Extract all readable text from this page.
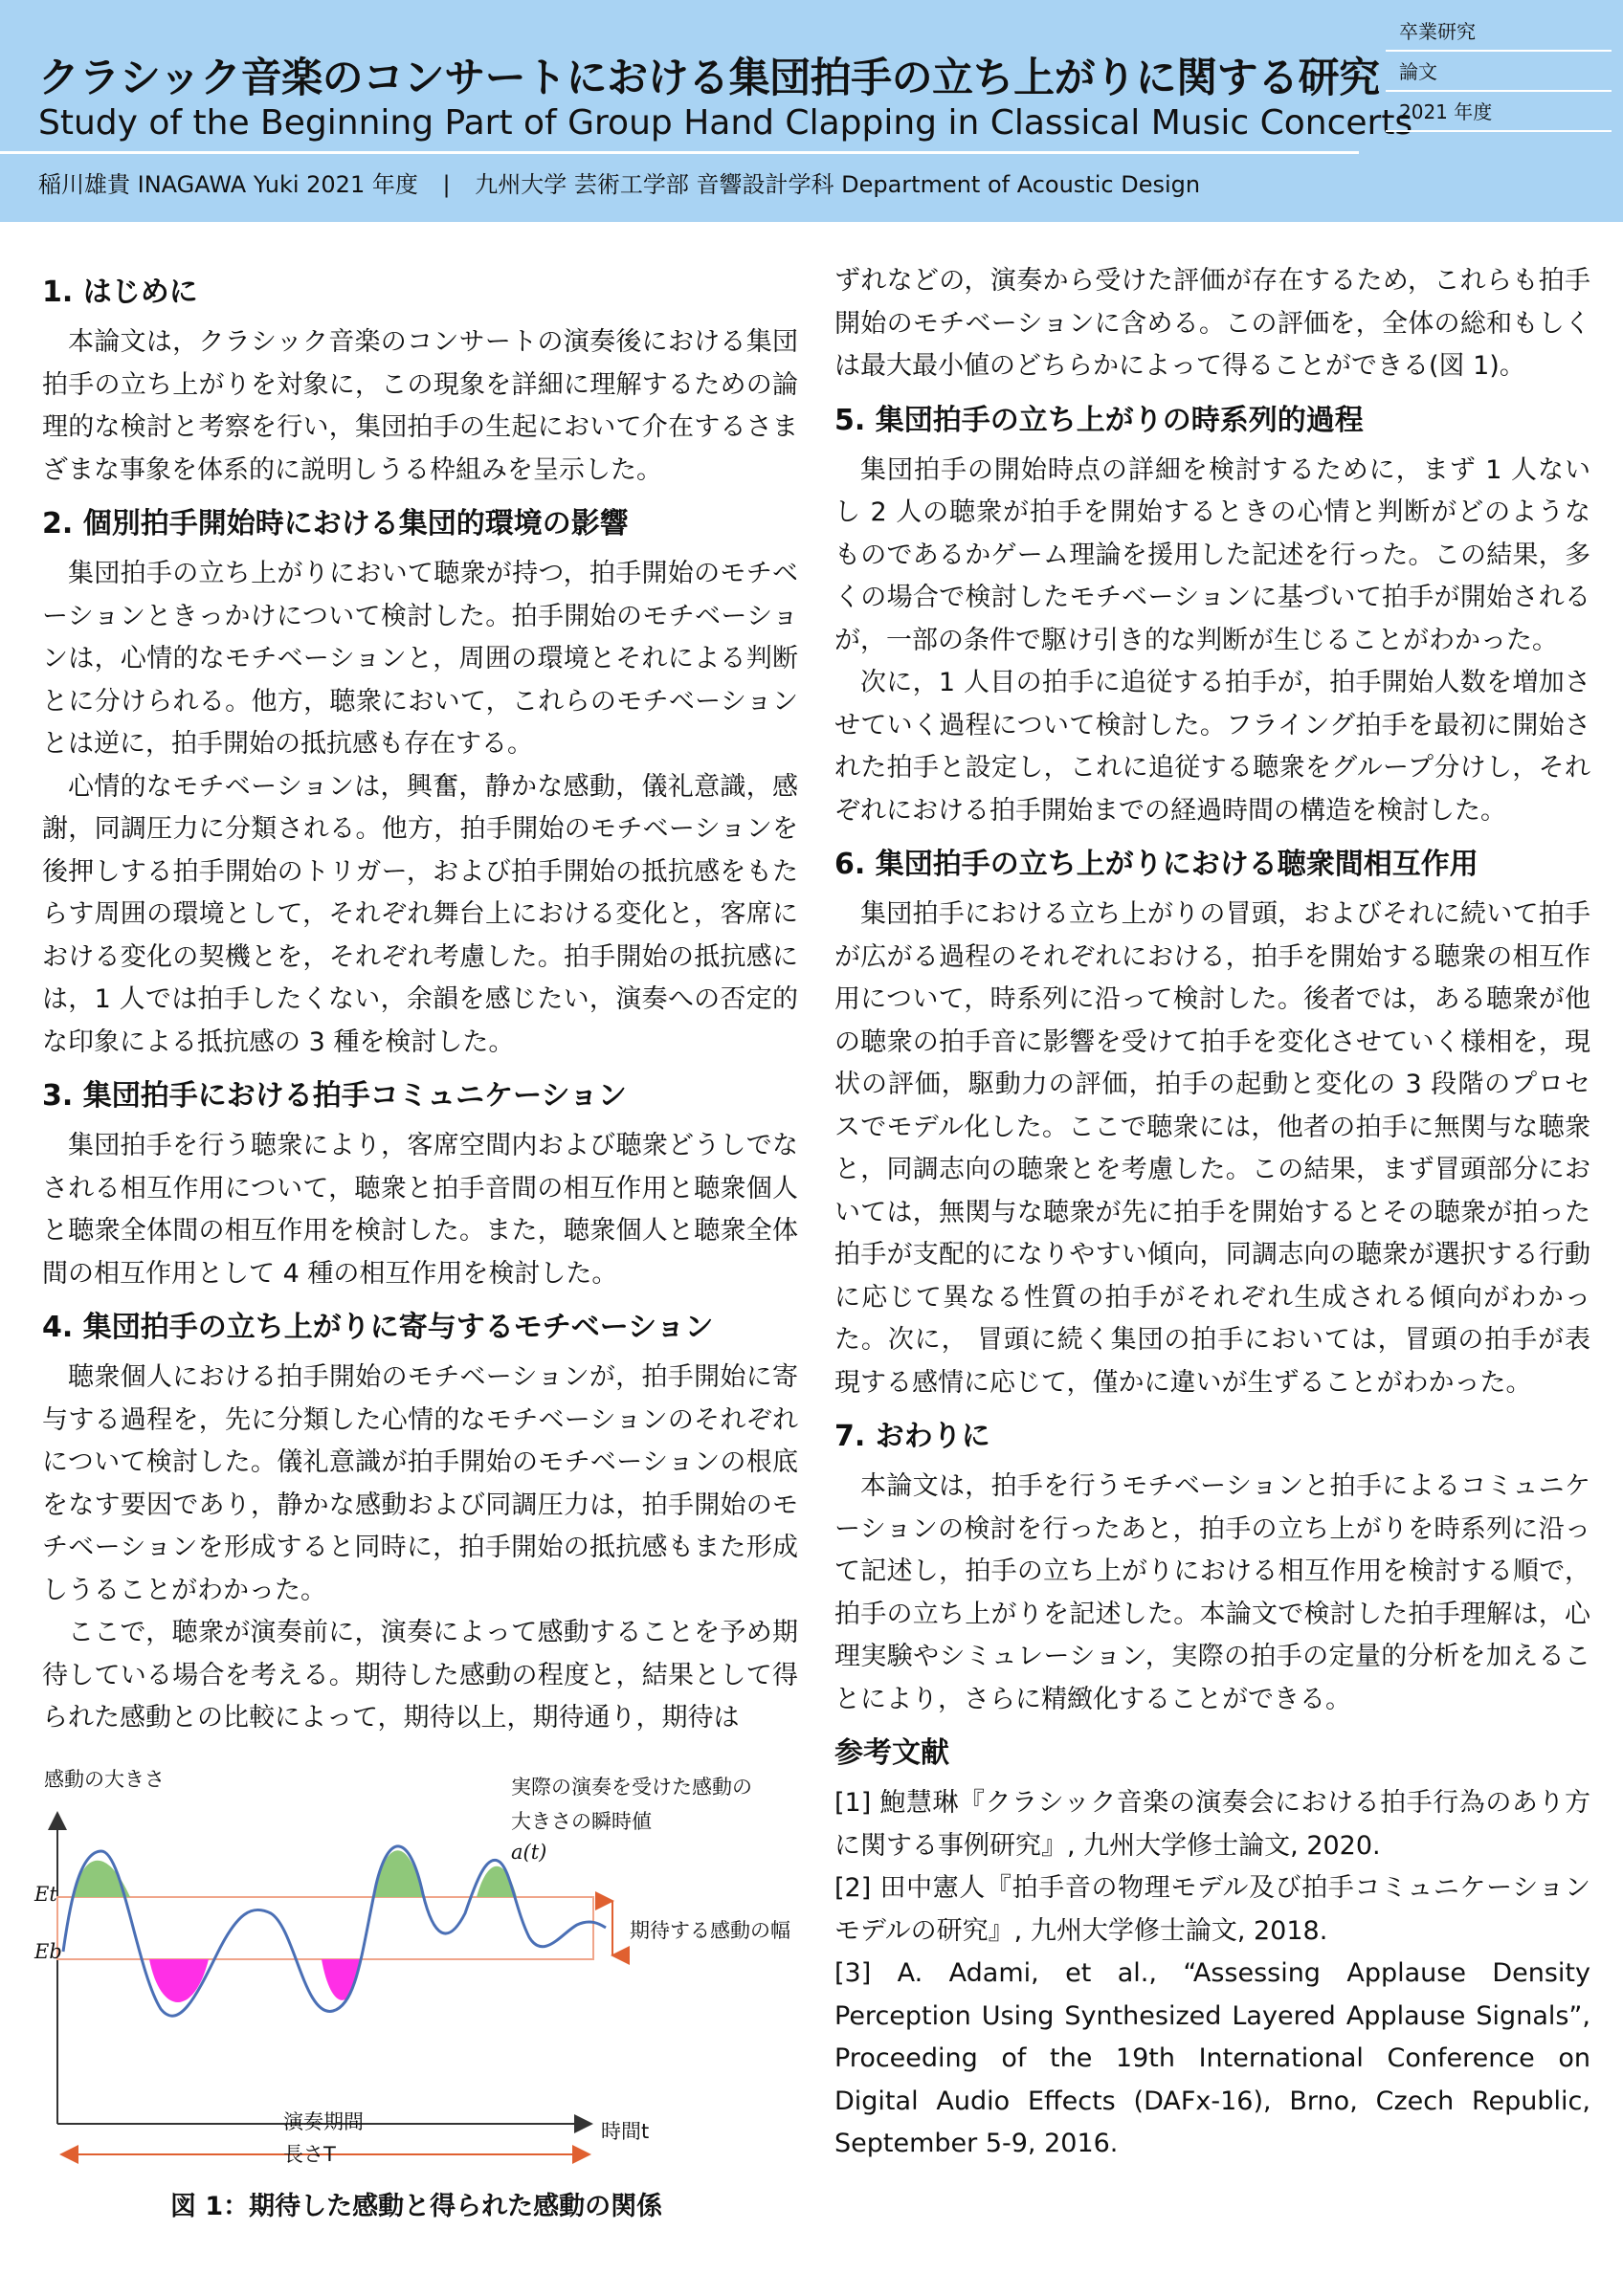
クラシック音楽のコンサートにおける集団拍手の立ち上がりに関する研究
Study of the Beginning Part of Group Hand Clapping in Classical Music Concerts
稲川雄貴 INAGAWA Yuki 2021 年度 | 九州大学 芸術工学部 音響設計学科 Department of Acoustic Design
卒業研究
論文
2021 年度
1. はじめに

本論文は，クラシック音楽のコンサートの演奏後における集団拍手の立ち上がりを対象に，この現象を詳細に理解するための論理的な検討と考察を行い，集団拍手の生起において介在するさまざまな事象を体系的に説明しうる枠組みを呈示した。

2. 個別拍手開始時における集団的環境の影響

集団拍手の立ち上がりにおいて聴衆が持つ，拍手開始のモチベーションときっかけについて検討した。拍手開始のモチベーションは，心情的なモチベーションと，周囲の環境とそれによる判断とに分けられる。他方，聴衆において，これらのモチベーションとは逆に，拍手開始の抵抗感も存在する。

心情的なモチベーションは，興奮，静かな感動，儀礼意識，感謝，同調圧力に分類される。他方，拍手開始のモチベーションを後押しする拍手開始のトリガー，および拍手開始の抵抗感をもたらす周囲の環境として，それぞれ舞台上における変化と，客席における変化の契機とを，それぞれ考慮した。拍手開始の抵抗感には，1 人では拍手したくない，余韻を感じたい，演奏への否定的な印象による抵抗感の 3 種を検討した。

3. 集団拍手における拍手コミュニケーション

集団拍手を行う聴衆により，客席空間内および聴衆どうしでなされる相互作用について，聴衆と拍手音間の相互作用と聴衆個人と聴衆全体間の相互作用を検討した。また，聴衆個人と聴衆全体間の相互作用として 4 種の相互作用を検討した。

4. 集団拍手の立ち上がりに寄与するモチベーション

聴衆個人における拍手開始のモチベーションが，拍手開始に寄与する過程を，先に分類した心情的なモチベーションのそれぞれについて検討した。儀礼意識が拍手開始のモチベーションの根底をなす要因であり，静かな感動および同調圧力は，拍手開始のモチベーションを形成すると同時に，拍手開始の抵抗感もまた形成しうることがわかった。

ここで，聴衆が演奏前に，演奏によって感動することを予め期待している場合を考える。期待した感動の程度と，結果として得られた感動との比較によって，期待以上，期待通り，期待は

感動の大きさ	実際の演奏を受けた感動の
大きさの瞬時値
a(t)
Et
Eb
期待する感動の幅
時間t
演奏期間
長さT
図 1：期待した感動と得られた感動の関係

ずれなどの，演奏から受けた評価が存在するため，これらも拍手開始のモチベーションに含める。この評価を，全体の総和もしくは最大最小値のどちらかによって得ることができる(図 1)。

5. 集団拍手の立ち上がりの時系列的過程

集団拍手の開始時点の詳細を検討するために，まず 1 人ないし 2 人の聴衆が拍手を開始するときの心情と判断がどのようなものであるかゲーム理論を援用した記述を行った。この結果，多くの場合で検討したモチベーションに基づいて拍手が開始されるが，一部の条件で駆け引き的な判断が生じることがわかった。

次に，1 人目の拍手に追従する拍手が，拍手開始人数を増加させていく過程について検討した。フライング拍手を最初に開始された拍手と設定し，これに追従する聴衆をグループ分けし，それぞれにおける拍手開始までの経過時間の構造を検討した。

6. 集団拍手の立ち上がりにおける聴衆間相互作用

集団拍手における立ち上がりの冒頭，およびそれに続いて拍手が広がる過程のそれぞれにおける，拍手を開始する聴衆の相互作用について，時系列に沿って検討した。後者では，ある聴衆が他の聴衆の拍手音に影響を受けて拍手を変化させていく様相を，現状の評価，駆動力の評価，拍手の起動と変化の 3 段階のプロセスでモデル化した。ここで聴衆には，他者の拍手に無関与な聴衆と，同調志向の聴衆とを考慮した。この結果，まず冒頭部分においては，無関与な聴衆が先に拍手を開始するとその聴衆が拍った拍手が支配的になりやすい傾向，同調志向の聴衆が選択する行動に応じて異なる性質の拍手がそれぞれ生成される傾向がわかった。次に， 冒頭に続く集団の拍手においては，冒頭の拍手が表現する感情に応じて，僅かに違いが生ずることがわかった。

7. おわりに

本論文は，拍手を行うモチベーションと拍手によるコミュニケーションの検討を行ったあと，拍手の立ち上がりを時系列に沿って記述し，拍手の立ち上がりにおける相互作用を検討する順で，拍手の立ち上がりを記述した。本論文で検討した拍手理解は，心理実験やシミュレーション，実際の拍手の定量的分析を加えることにより，さらに精緻化することができる。

参考文献

[1] 鮑慧琳『クラシック音楽の演奏会における拍手行為のあり方に関する事例研究』, 九州大学修士論文, 2020.

[2] 田中憲人『拍手音の物理モデル及び拍手コミュニケーションモデルの研究』, 九州大学修士論文, 2018.

[3] A. Adami, et al., “Assessing Applause Density Perception Using Synthesized Layered Applause Signals”, Proceeding of the 19th International Conference on Digital Audio Effects (DAFx-16), Brno, Czech Republic, September 5-9, 2016.
